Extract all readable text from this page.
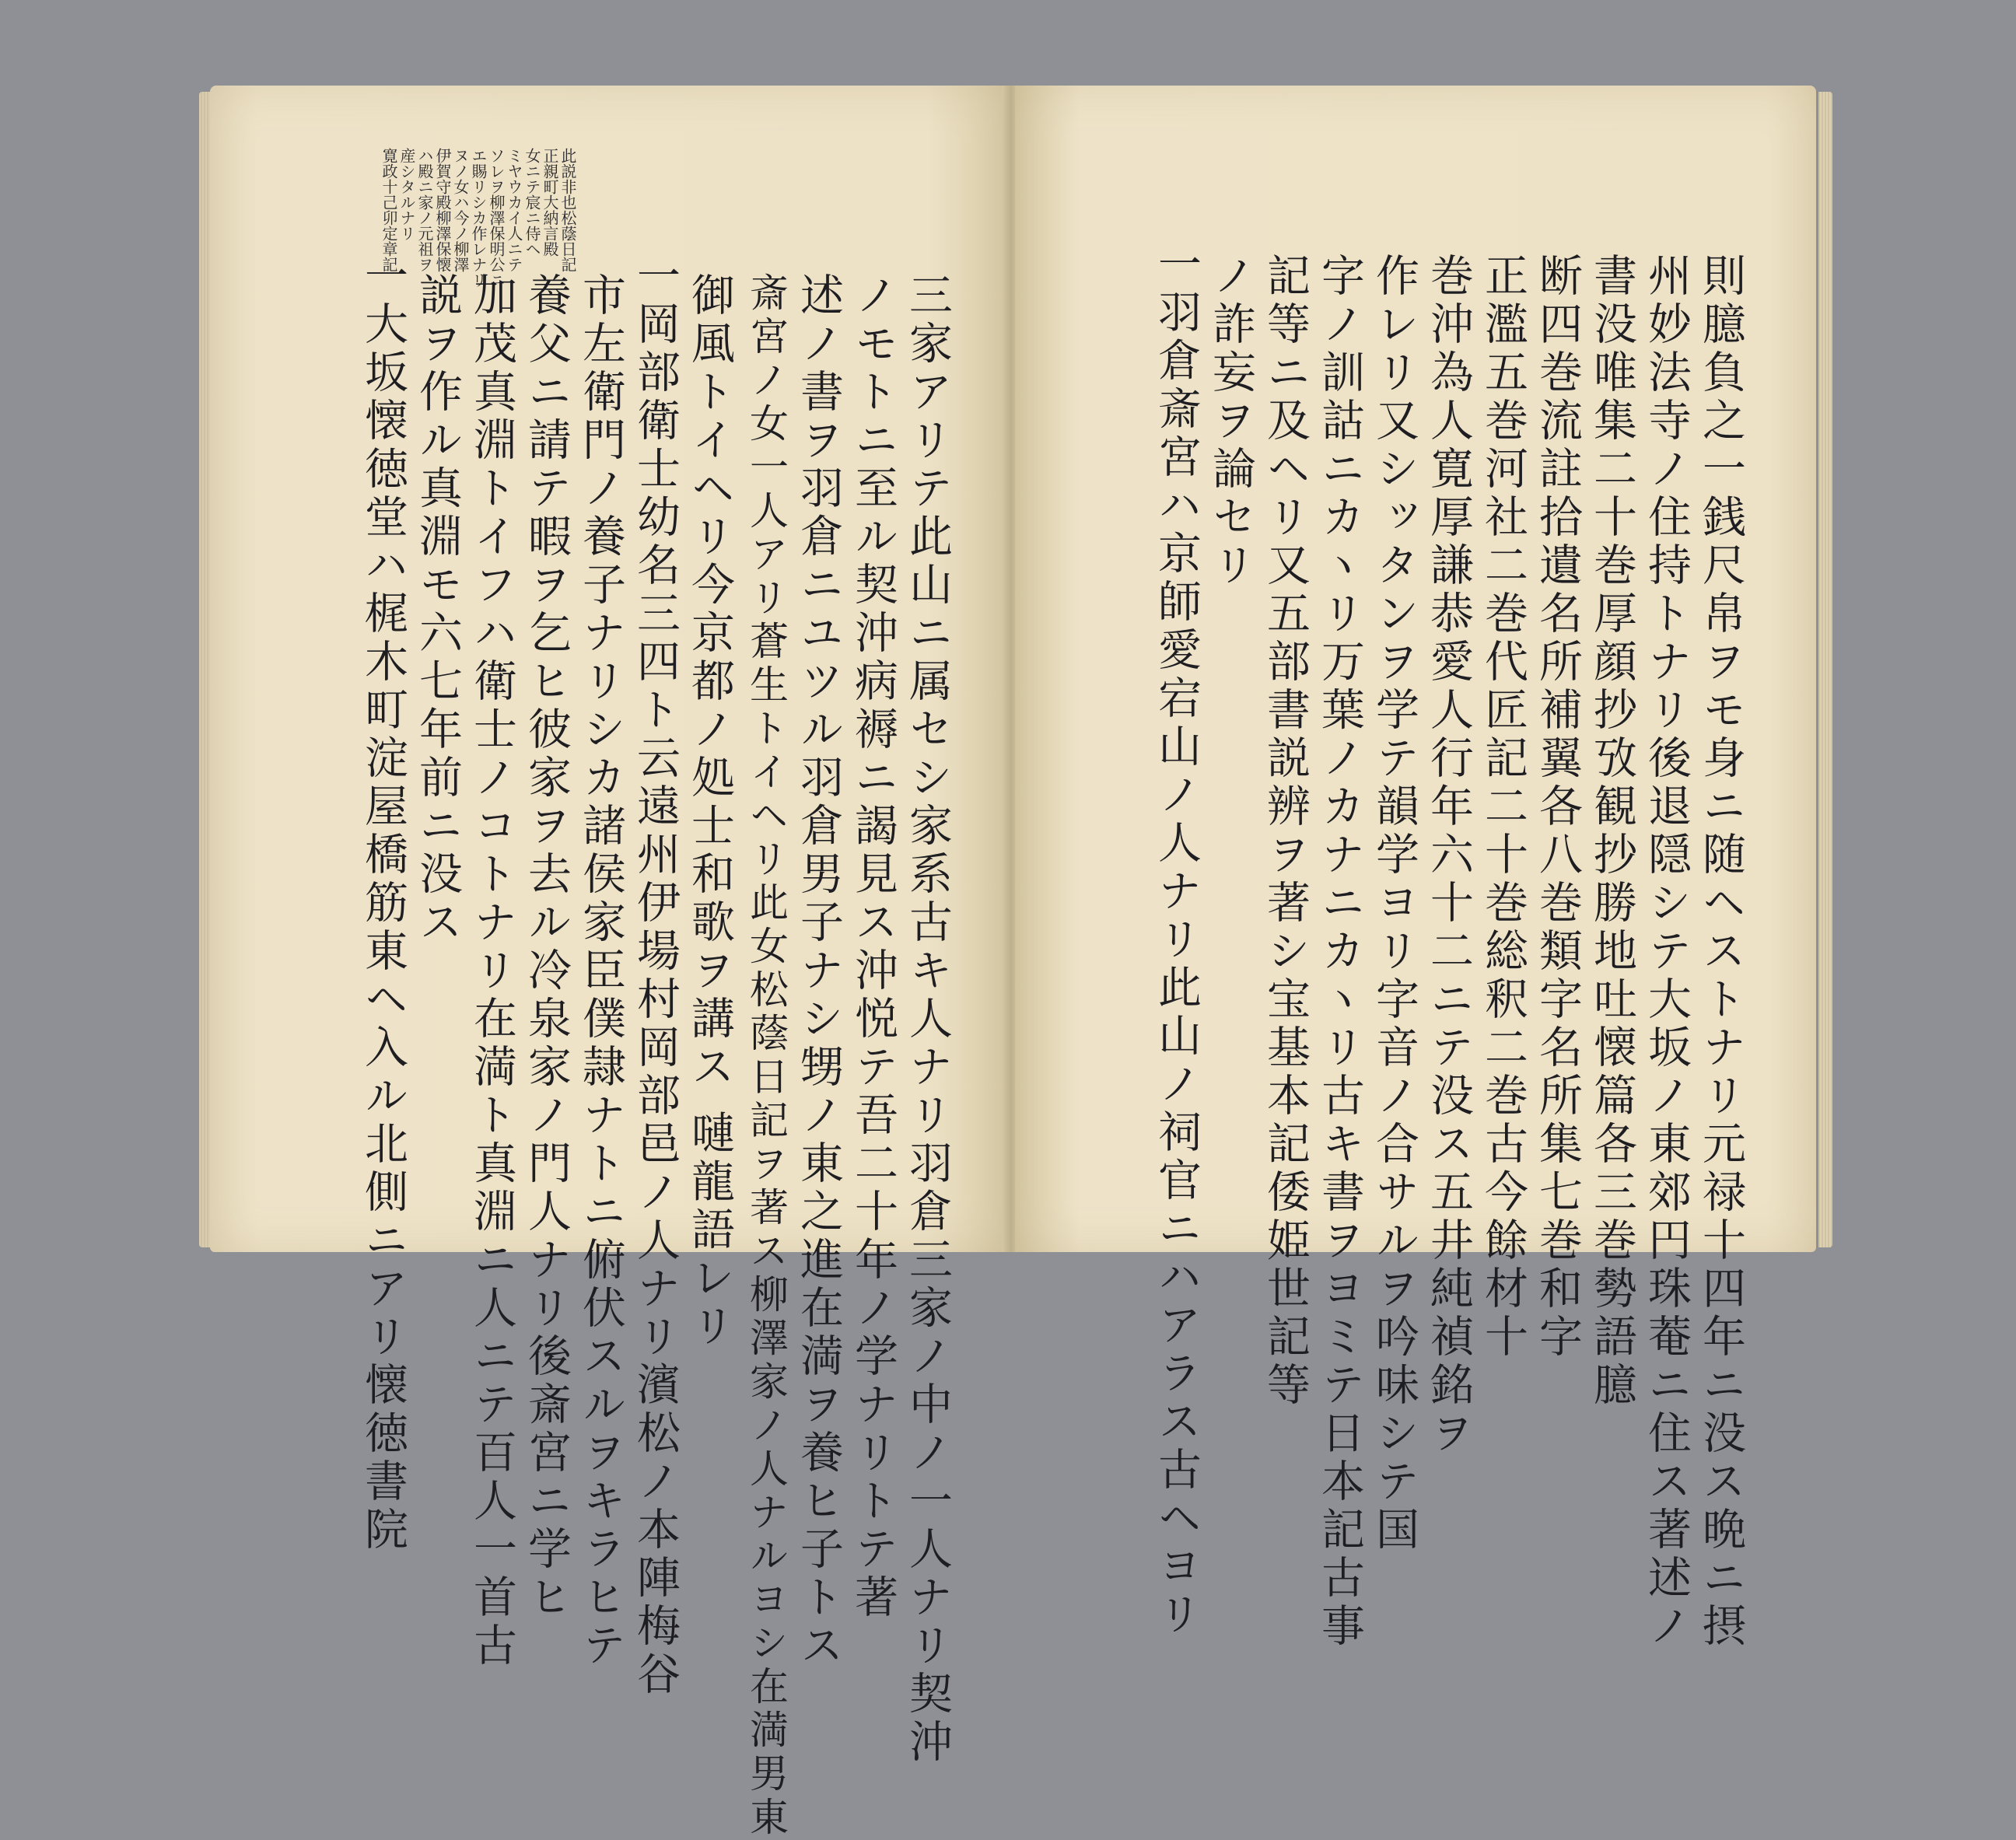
此説非也松蔭日記
正親町大納言殿
女ニテ宸ニ侍ヘ
ミヤウカイ人ニテ
ソレヲ柳澤保明公ニ
エ賜リシカ作レナリ
ヌノ女ハ今ノ柳澤
伊賀守殿柳澤保懐
ハ殿ニ家ノ元祖ヲ
産シタルナリ
寛政十己卯定章記
三家アリテ此山ニ属セシ家系古キ人ナリ羽倉三家ノ中ノ一人ナリ契沖
ノモトニ至ル契沖病褥ニ謁見ス沖悦テ吾二十年ノ学ナリトテ著
述ノ書ヲ羽倉ニユツル羽倉男子ナシ甥ノ東之進在満ヲ養ヒ子トス
斎宮ノ女一人アリ蒼生トイヘリ此女松蔭日記ヲ著ス柳澤家ノ人ナルヨシ在満男東
御風トイヘリ今京都ノ処士和歌ヲ講ス 嗹龍語レリ
一岡部衛士幼名三四ト云遠州伊場村岡部邑ノ人ナリ濱松ノ本陣梅谷
市左衛門ノ養子ナリシカ諸侯家臣僕隷ナトニ俯伏スルヲキラヒテ
養父ニ請テ暇ヲ乞ヒ彼家ヲ去ル冷泉家ノ門人ナリ後斎宮ニ学ヒ
加茂真淵トイフハ衛士ノコトナリ在満ト真淵ニ人ニテ百人一首古
説ヲ作ル真淵モ六七年前ニ没ス
一大坂懐徳堂ハ梶木町淀屋橋筋東ヘ入ル北側ニアリ懐徳書院	則臆負之一銭尺帛ヲモ身ニ随ヘストナリ元禄十四年ニ没ス晩ニ摂
州妙法寺ノ住持トナリ後退隠シテ大坂ノ東郊円珠菴ニ住ス著述ノ
書没唯集二十巻厚顔抄攷観抄勝地吐懐篇各三巻勢語臆
断四巻流註拾遺名所補翼各八巻類字名所集七巻和字
正濫五巻河社二巻代匠記二十巻総釈二巻古今餘材十
巻沖為人寛厚謙恭愛人行年六十二ニテ没ス五井純禎銘ヲ
作レリ又シッタンヲ学テ韻学ヨリ字音ノ合サルヲ吟味シテ国
字ノ訓詁ニカヽリ万葉ノカナニカヽリ古キ書ヲヨミテ日本記古事
記等ニ及ヘリ又五部書説辨ヲ著シ宝基本記倭姫世記等
ノ詐妄ヲ論セリ
一羽倉斎宮ハ京師愛宕山ノ人ナリ此山ノ祠官ニハアラス古ヘヨリ
